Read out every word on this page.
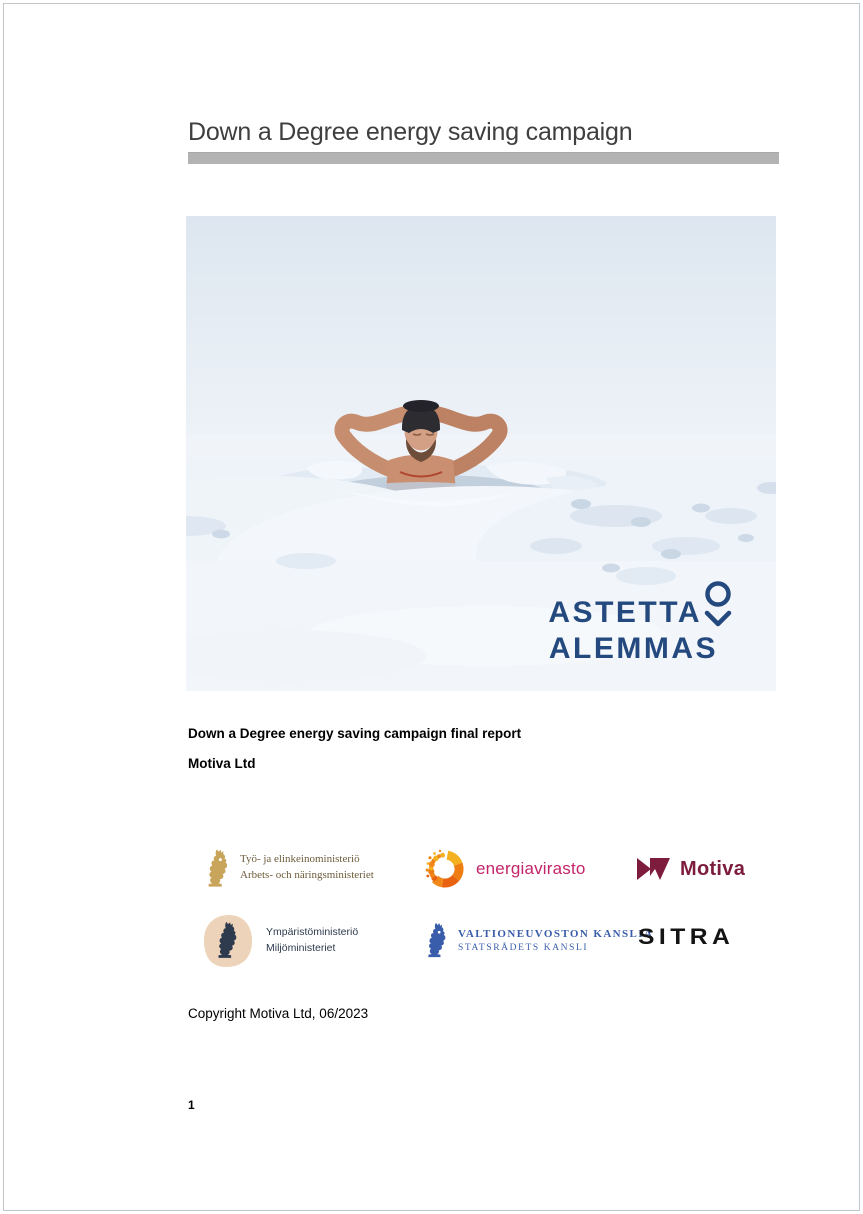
Down a Degree energy saving campaign
ASTETTA
ALEMMAS
Down a Degree energy saving campaign final report
Motiva Ltd
Työ- ja elinkeinoministeriö
Arbets- och näringsministeriet	energiavirasto	Motiva
Ympäristöministeriö
Miljöministeriet
VALTIONEUVOSTON KANSLIA
STATSRÅDETS KANSLI	SITRA
Copyright Motiva Ltd, 06/2023
1
